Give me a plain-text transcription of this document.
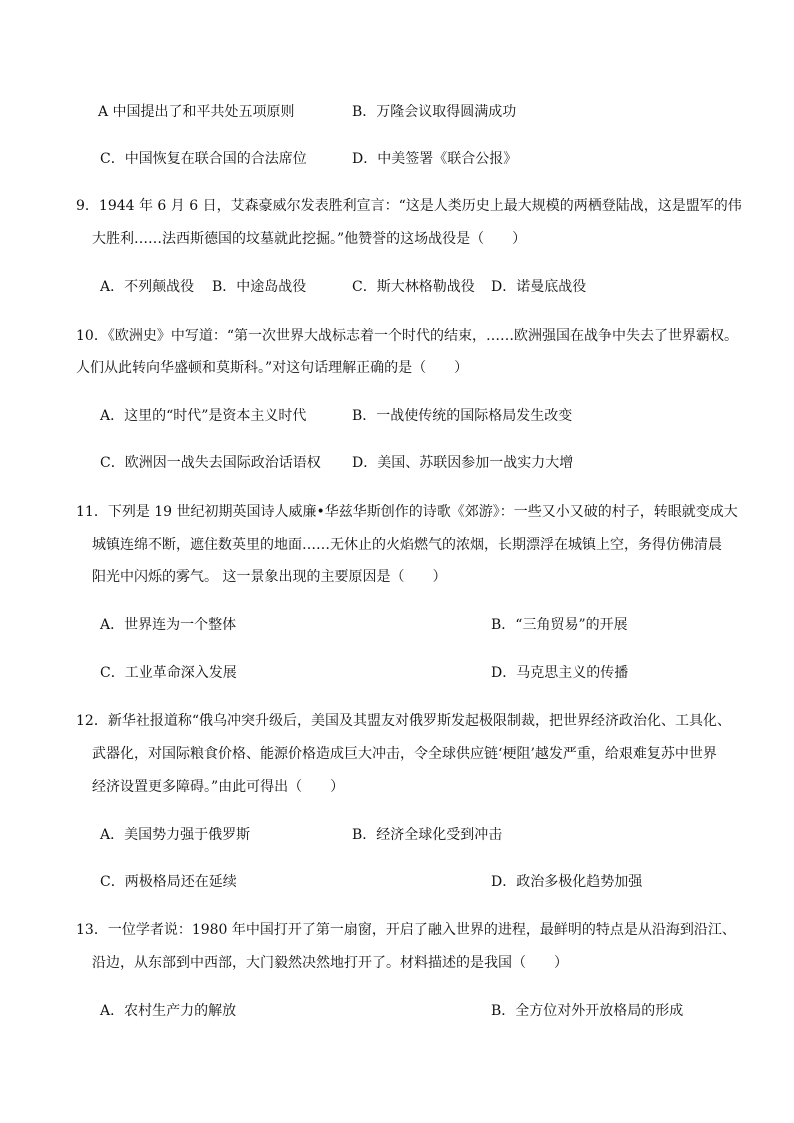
A 中国提出了和平共处五项原则	B．万隆会议取得圆满成功
C．中国恢复在联合国的合法席位	D．中美签署《联合公报》
9．1944 年 6 月 6 日，艾森豪威尔发表胜利宣言：“这是人类历史上最大规模的两栖登陆战，这是盟军的伟
大胜利……法西斯德国的坟墓就此挖掘。”他赞誉的这场战役是（　　）
A．不列颠战役 B．中途岛战役	C．斯大林格勒战役 D．诺曼底战役
10．《欧洲史》中写道：“第一次世界大战标志着一个时代的结束，……欧洲强国在战争中失去了世界霸权。
人们从此转向华盛顿和莫斯科。”对这句话理解正确的是（　　）
A．这里的“时代”是资本主义时代	B．一战使传统的国际格局发生改变
C．欧洲因一战失去国际政治话语权 D．美国、苏联因参加一战实力大增
11．下列是 19 世纪初期英国诗人威廉•华兹华斯创作的诗歌《郊游》：一些又小又破的村子，转眼就变成大
城镇连绵不断，遮住数英里的地面……无休止的火焰燃气的浓烟，长期漂浮在城镇上空，务得仿佛清晨
阳光中闪烁的雾气。 这一景象出现的主要原因是（　　）
A．世界连为一个整体	B．“三角贸易”的开展
C．工业革命深入发展	D．马克思主义的传播
12．新华社报道称“俄乌冲突升级后，美国及其盟友对俄罗斯发起极限制裁，把世界经济政治化、工具化、
武器化，对国际粮食价格、能源价格造成巨大冲击，令全球供应链‘梗阻’越发严重，给艰难复苏中世界
经济设置更多障碍。”由此可得出（　　）
A．美国势力强于俄罗斯	B．经济全球化受到冲击
C．两极格局还在延续	D．政治多极化趋势加强
13．一位学者说：1980 年中国打开了第一扇窗，开启了融入世界的进程，最鲜明的特点是从沿海到沿江、
沿边，从东部到中西部，大门毅然决然地打开了。材料描述的是我国（　　）
A．农村生产力的解放	B．全方位对外开放格局的形成
